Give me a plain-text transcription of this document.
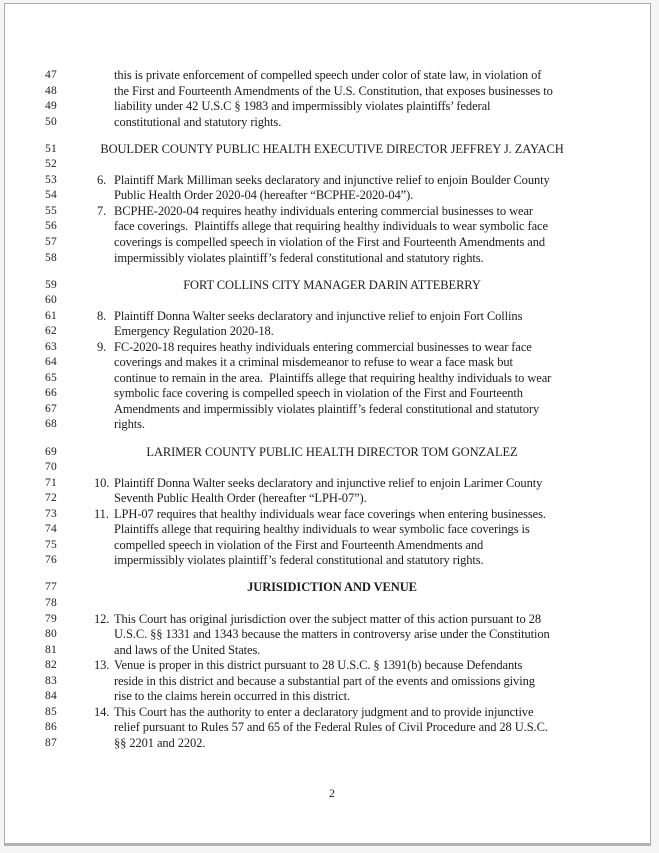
47	this is private enforcement of compelled speech under color of state law, in violation of
48	the First and Fourteenth Amendments of the U.S. Constitution, that exposes businesses to
49	liability under 42 U.S.C § 1983 and impermissibly violates plaintiffs’ federal
50	constitutional and statutory rights.
51	BOULDER COUNTY PUBLIC HEALTH EXECUTIVE DIRECTOR JEFFREY J. ZAYACH
52
53	6. Plaintiff Mark Milliman seeks declaratory and injunctive relief to enjoin Boulder County
54	Public Health Order 2020-04 (hereafter “BCPHE-2020-04”).
55	7. BCPHE-2020-04 requires heathy individuals entering commercial businesses to wear
56	face coverings.  Plaintiffs allege that requiring healthy individuals to wear symbolic face
57	coverings is compelled speech in violation of the First and Fourteenth Amendments and
58	impermissibly violates plaintiff’s federal constitutional and statutory rights.
59	FORT COLLINS CITY MANAGER DARIN ATTEBERRY
60
61	8. Plaintiff Donna Walter seeks declaratory and injunctive relief to enjoin Fort Collins
62	Emergency Regulation 2020-18.
63	9. FC-2020-18 requires heathy individuals entering commercial businesses to wear face
64	coverings and makes it a criminal misdemeanor to refuse to wear a face mask but
65	continue to remain in the area.  Plaintiffs allege that requiring healthy individuals to wear
66	symbolic face covering is compelled speech in violation of the First and Fourteenth
67	Amendments and impermissibly violates plaintiff’s federal constitutional and statutory
68	rights.
69	LARIMER COUNTY PUBLIC HEALTH DIRECTOR TOM GONZALEZ
70
71	10. Plaintiff Donna Walter seeks declaratory and injunctive relief to enjoin Larimer County
72	Seventh Public Health Order (hereafter “LPH-07”).
73	11. LPH-07 requires that healthy individuals wear face coverings when entering businesses.
74	Plaintiffs allege that requiring healthy individuals to wear symbolic face coverings is
75	compelled speech in violation of the First and Fourteenth Amendments and
76	impermissibly violates plaintiff’s federal constitutional and statutory rights.
77	JURISIDICTION AND VENUE
78
79	12. This Court has original jurisdiction over the subject matter of this action pursuant to 28
80	U.S.C. §§ 1331 and 1343 because the matters in controversy arise under the Constitution
81	and laws of the United States.
82	13. Venue is proper in this district pursuant to 28 U.S.C. § 1391(b) because Defendants
83	reside in this district and because a substantial part of the events and omissions giving
84	rise to the claims herein occurred in this district.
85	14. This Court has the authority to enter a declaratory judgment and to provide injunctive
86	relief pursuant to Rules 57 and 65 of the Federal Rules of Civil Procedure and 28 U.S.C.
87	§§ 2201 and 2202.
2
